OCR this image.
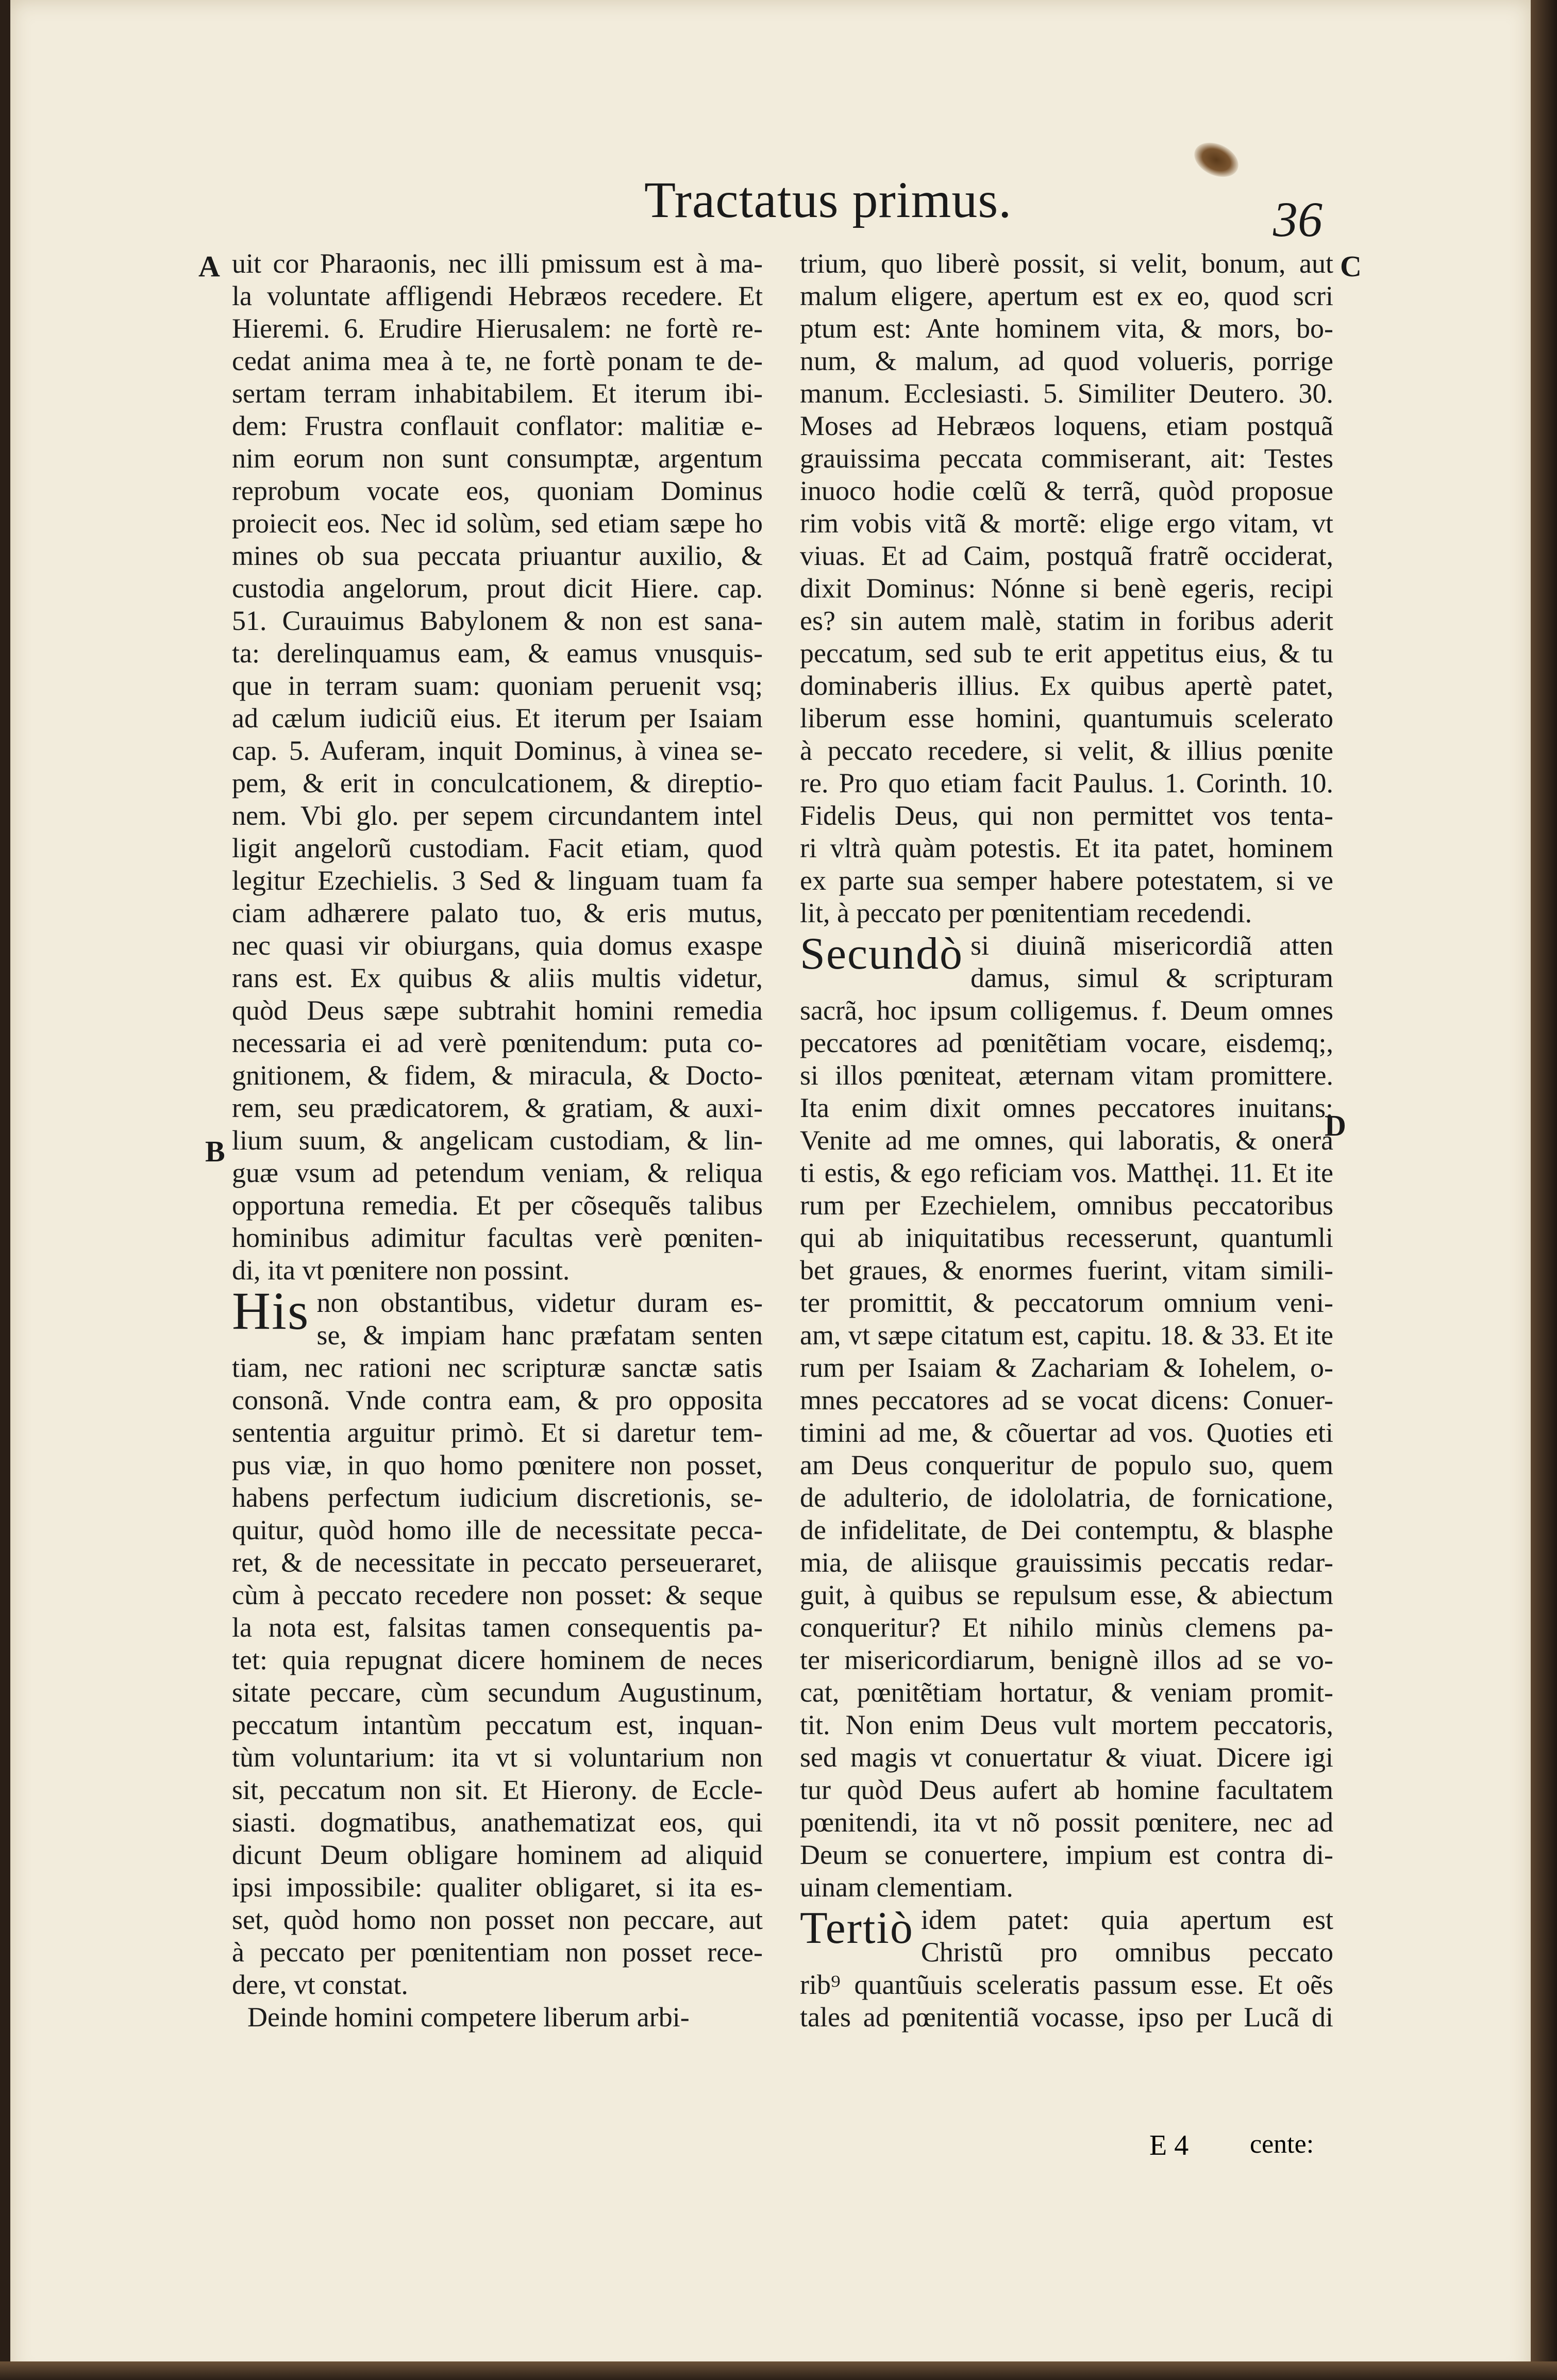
Tractatus primus.	36
A
B
C
D
uit cor Pharaonis, nec illi pmissum est à ma-
la voluntate affligendi Hebræos recedere. Et
Hieremi. 6. Erudire Hierusalem: ne fortè re-
cedat anima mea à te, ne fortè ponam te de-
sertam terram inhabitabilem. Et iterum ibi-
dem: Frustra conflauit conflator: malitiæ e-
nim eorum non sunt consumptæ, argentum
reprobum vocate eos, quoniam Dominus
proiecit eos. Nec id solùm, sed etiam sæpe ho
mines ob sua peccata priuantur auxilio, &
custodia angelorum, prout dicit Hiere. cap.
51. Curauimus Babylonem & non est sana-
ta: derelinquamus eam, & eamus vnusquis-
que in terram suam: quoniam peruenit vsq;
ad cælum iudiciũ eius. Et iterum per Isaiam
cap. 5. Auferam, inquit Dominus, à vinea se-
pem, & erit in conculcationem, & direptio-
nem. Vbi glo. per sepem circundantem intel
ligit angelorũ custodiam. Facit etiam, quod
legitur Ezechielis. 3 Sed & linguam tuam fa
ciam adhærere palato tuo, & eris mutus,
nec quasi vir obiurgans, quia domus exaspe
rans est. Ex quibus & aliis multis videtur,
quòd Deus sæpe subtrahit homini remedia
necessaria ei ad verè pœnitendum: puta co-
gnitionem, & fidem, & miracula, & Docto-
rem, seu prædicatorem, & gratiam, & auxi-
lium suum, & angelicam custodiam, & lin-
guæ vsum ad petendum veniam, & reliqua
opportuna remedia. Et per cõsequẽs talibus
hominibus adimitur facultas verè pœniten-
di, ita vt pœnitere non possint.
His non obstantibus, videtur duram es-
se, & impiam hanc præfatam senten
tiam, nec rationi nec scripturæ sanctæ satis
consonã. Vnde contra eam, & pro opposita
sententia arguitur primò. Et si daretur tem-
pus viæ, in quo homo pœnitere non posset,
habens perfectum iudicium discretionis, se-
quitur, quòd homo ille de necessitate pecca-
ret, & de necessitate in peccato perseueraret,
cùm à peccato recedere non posset: & seque
la nota est, falsitas tamen consequentis pa-
tet: quia repugnat dicere hominem de neces
sitate peccare, cùm secundum Augustinum,
peccatum intantùm peccatum est, inquan-
tùm voluntarium: ita vt si voluntarium non
sit, peccatum non sit. Et Hierony. de Eccle-
siasti. dogmatibus, anathematizat eos, qui
dicunt Deum obligare hominem ad aliquid
ipsi impossibile: qualiter obligaret, si ita es-
set, quòd homo non posset non peccare, aut
à peccato per pœnitentiam non posset rece-
dere, vt constat.
Deinde homini competere liberum arbi-
trium, quo liberè possit, si velit, bonum, aut
malum eligere, apertum est ex eo, quod scri
ptum est: Ante hominem vita, & mors, bo-
num, & malum, ad quod volueris, porrige
manum. Ecclesiasti. 5. Similiter Deutero. 30.
Moses ad Hebræos loquens, etiam postquã
grauissima peccata commiserant, ait: Testes
inuoco hodie cœlũ & terrã, quòd proposue
rim vobis vitã & mortẽ: elige ergo vitam, vt
viuas. Et ad Caim, postquã fratrẽ occiderat,
dixit Dominus: Nónne si benè egeris, recipi
es? sin autem malè, statim in foribus aderit
peccatum, sed sub te erit appetitus eius, & tu
dominaberis illius. Ex quibus apertè patet,
liberum esse homini, quantumuis scelerato
à peccato recedere, si velit, & illius pœnite
re. Pro quo etiam facit Paulus. 1. Corinth. 10.
Fidelis Deus, qui non permittet vos tenta-
ri vltrà quàm potestis. Et ita patet, hominem
ex parte sua semper habere potestatem, si ve
lit, à peccato per pœnitentiam recedendi.
Secundò si diuinã misericordiã atten
damus, simul & scripturam
sacrã, hoc ipsum colligemus. f. Deum omnes
peccatores ad pœnitẽtiam vocare, eisdemq;,
si illos pœniteat, æternam vitam promittere.
Ita enim dixit omnes peccatores inuitans:
Venite ad me omnes, qui laboratis, & onera
ti estis, & ego reficiam vos. Matthęi. 11. Et ite
rum per Ezechielem, omnibus peccatoribus
qui ab iniquitatibus recesserunt, quantumli
bet graues, & enormes fuerint, vitam simili-
ter promittit, & peccatorum omnium veni-
am, vt sæpe citatum est, capitu. 18. & 33. Et ite
rum per Isaiam & Zachariam & Iohelem, o-
mnes peccatores ad se vocat dicens: Conuer-
timini ad me, & cõuertar ad vos. Quoties eti
am Deus conqueritur de populo suo, quem
de adulterio, de idololatria, de fornicatione,
de infidelitate, de Dei contemptu, & blasphe
mia, de aliisque grauissimis peccatis redar-
guit, à quibus se repulsum esse, & abiectum
conqueritur? Et nihilo minùs clemens pa-
ter misericordiarum, benignè illos ad se vo-
cat, pœnitẽtiam hortatur, & veniam promit-
tit. Non enim Deus vult mortem peccatoris,
sed magis vt conuertatur & viuat. Dicere igi
tur quòd Deus aufert ab homine facultatem
pœnitendi, ita vt nõ possit pœnitere, nec ad
Deum se conuertere, impium est contra di-
uinam clementiam.
Tertiò idem patet: quia apertum est
Christũ pro omnibus peccato
rib⁹ quantũuis sceleratis passum esse. Et oẽs
tales ad pœnitentiã vocasse, ipso per Lucã di
E 4 cente:
